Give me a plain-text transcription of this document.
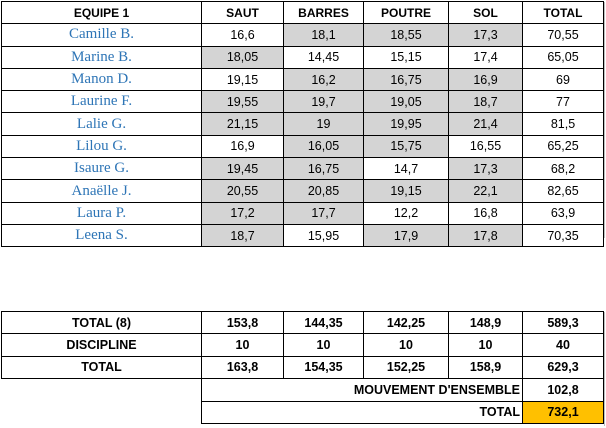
EQUIPE 1	SAUT	BARRES	POUTRE	SOL	TOTAL
Camille B.	16,6	18,1	18,55	17,3	70,55
Marine B.	18,05	14,45	15,15	17,4	65,05
Manon D.	19,15	16,2	16,75	16,9	69
Laurine F.	19,55	19,7	19,05	18,7	77
Lalie G.	21,15	19	19,95	21,4	81,5
Lilou G.	16,9	16,05	15,75	16,55	65,25
Isaure G.	19,45	16,75	14,7	17,3	68,2
Anaëlle J.	20,55	20,85	19,15	22,1	82,65
Laura P.	17,2	17,7	12,2	16,8	63,9
Leena S.	18,7	15,95	17,9	17,8	70,35
TOTAL (8)	153,8	144,35	142,25	148,9	589,3
DISCIPLINE	10	10	10	10	40
TOTAL	163,8	154,35	152,25	158,9	629,3
	MOUVEMENT D'ENSEMBLE				102,8
	TOTAL				732,1
